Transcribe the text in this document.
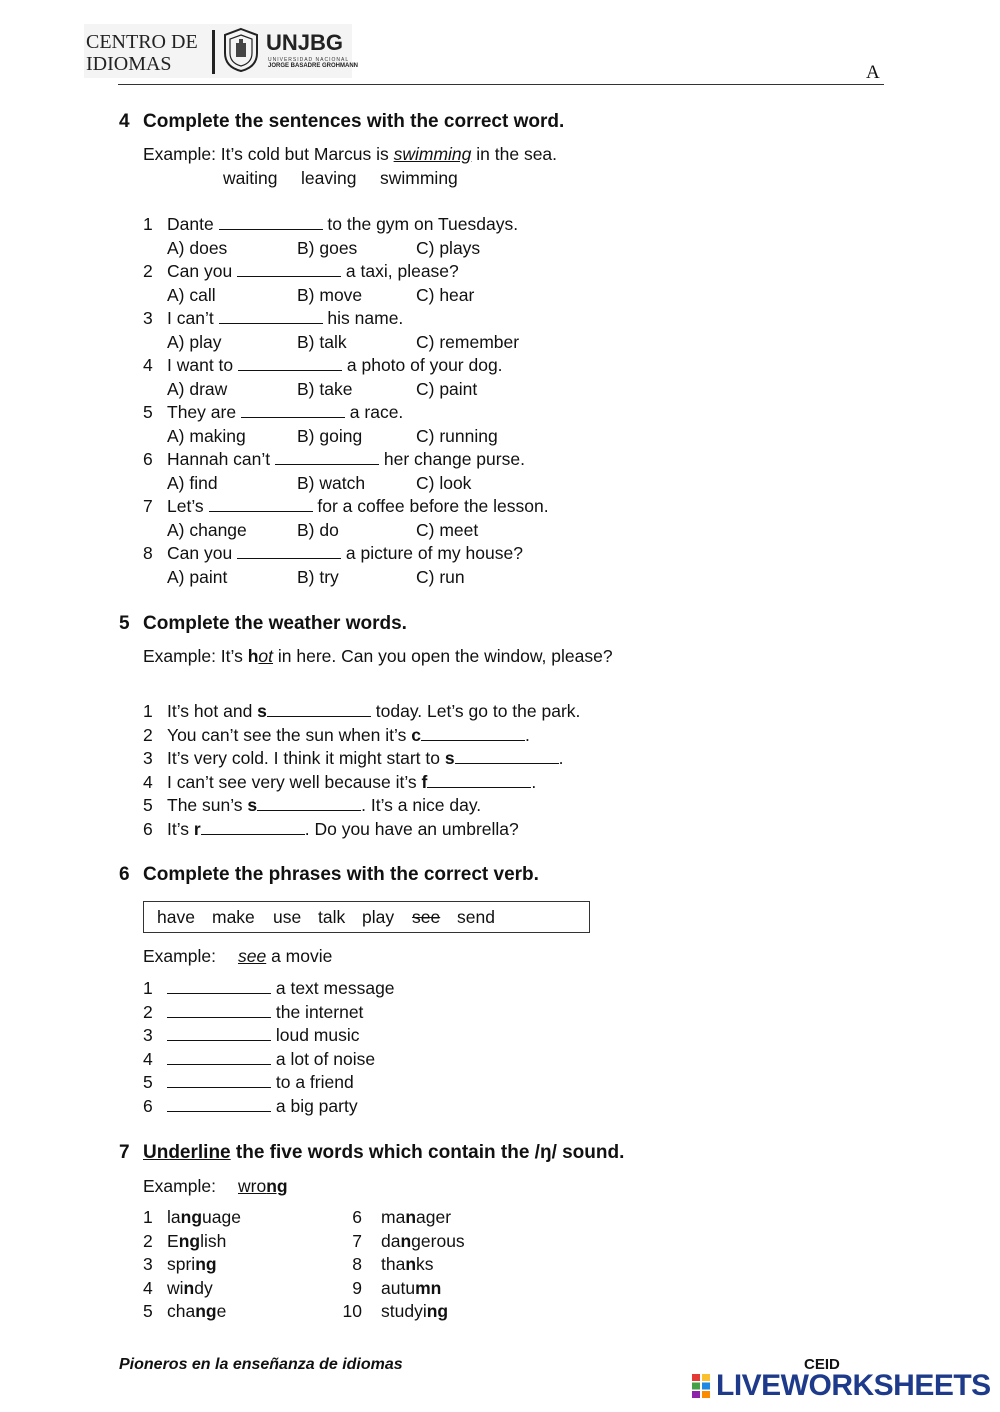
CENTRO DE
IDIOMAS
UNJBG
UNIVERSIDAD NACIONAL
JORGE BASADRE GROHMANN	A
4 Complete the sentences with the correct word.
Example: It’s cold but Marcus is swimming in the sea.
waiting leaving swimming
1 Dante	to the gym on Tuesdays.
A) does	B) goes	C) plays
2 Can you	a taxi, please?
A) call	B) move	C) hear
3 I can’t	his name.
A) play	B) talk	C) remember
4 I want to	a photo of your dog.
A) draw	B) take	C) paint
5 They are	a race.
A) making	B) going	C) running
6 Hannah can’t	her change purse.
A) find	B) watch	C) look
7 Let’s	for a coffee before the lesson.
A) change	B) do	C) meet
8 Can you	a picture of my house?
A) paint	B) try	C) run
5 Complete the weather words.
Example: It’s hot in here. Can you open the window, please?
1 It’s hot and s	today. Let’s go to the park.
2 You can’t see the sun when it’s c	.
3 It’s very cold. I think it might start to s	.
4 I can’t see very well because it’s f	.
5 The sun’s s	. It’s a nice day.
6 It’s r	. Do you have an umbrella?
6 Complete the phrases with the correct verb.
have make use talk play see send
Example: see a movie
1	a text message
2	the internet
3	loud music
4	a lot of noise
5	to a friend
6	a big party
7 Underline the five words which contain the /ŋ/ sound.
Example: wrong
1 language
2 English
3 spring
4 windy
5 change
6 manager
7 dangerous
8 thanks
9 autumn
10 studying
Pioneros en la enseñanza de idiomas	CEID
LIVEWORKSHEETS
